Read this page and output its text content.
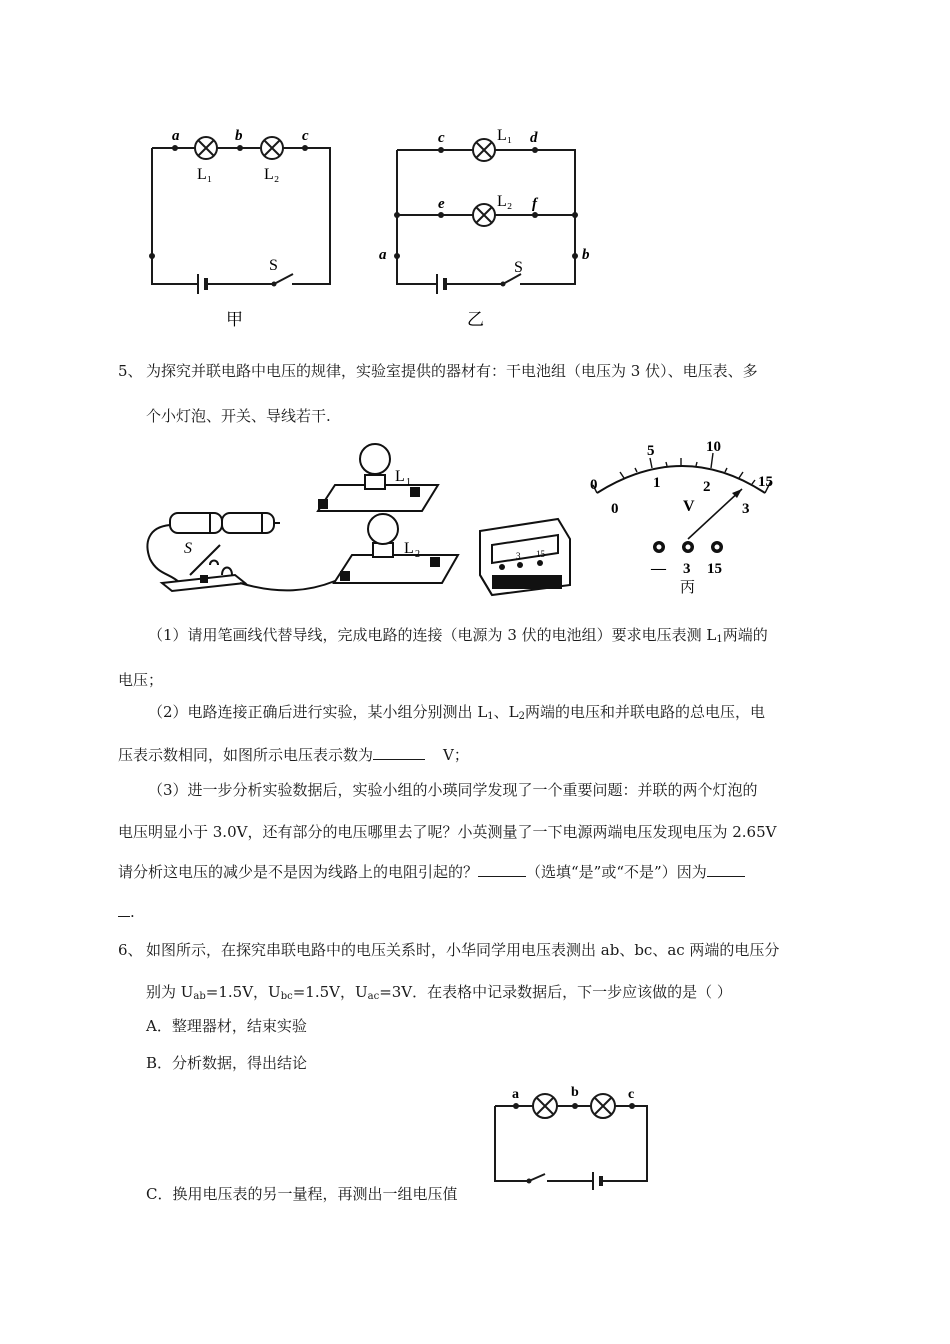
a	b	c
L₁	L₂
S
甲
c	L₁ d
e	L₂ f
a	b
S
乙
5、 为探究并联电路中电压的规律，实验室提供的器材有：干电池组（电压为 3 伏）、电压表、多
个小灯泡、开关、导线若干.
L 1
L 2
S	3 15
0
5	10
15
0
1	2
3
V
— 3 15
丙
（1）请用笔画线代替导线，完成电路的连接（电源为 3 伏的电池组）要求电压表测 $L_1$两端的
电压；
（2）电路连接正确后进行实验，某小组分别测出 $L_1$、$L_2$两端的电压和并联电路的总电压，电
压表示数相同，如图所示电压表示数为	V；
（3）进一步分析实验数据后，实验小组的小瑛同学发现了一个重要问题：并联的两个灯泡的
电压明显小于 3.0V，还有部分的电压哪里去了呢？小英测量了一下电源两端电压发现电压为 2.65V
请分析这电压的减少是不是因为线路上的电阻引起的？	（选填“是”或“不是”）因为
.
6、 如图所示，在探究串联电路中的电压关系时，小华同学用电压表测出 ab、bc、ac 两端的电压分
别为 $U_{ab}=1.5V$，$U_{bc}=1.5V$，$U_{ac}=3V$．在表格中记录数据后，下一步应该做的是（ ）
A．整理器材，结束实验
B．分析数据，得出结论
a	b	c
C．换用电压表的另一量程，再测出一组电压值
